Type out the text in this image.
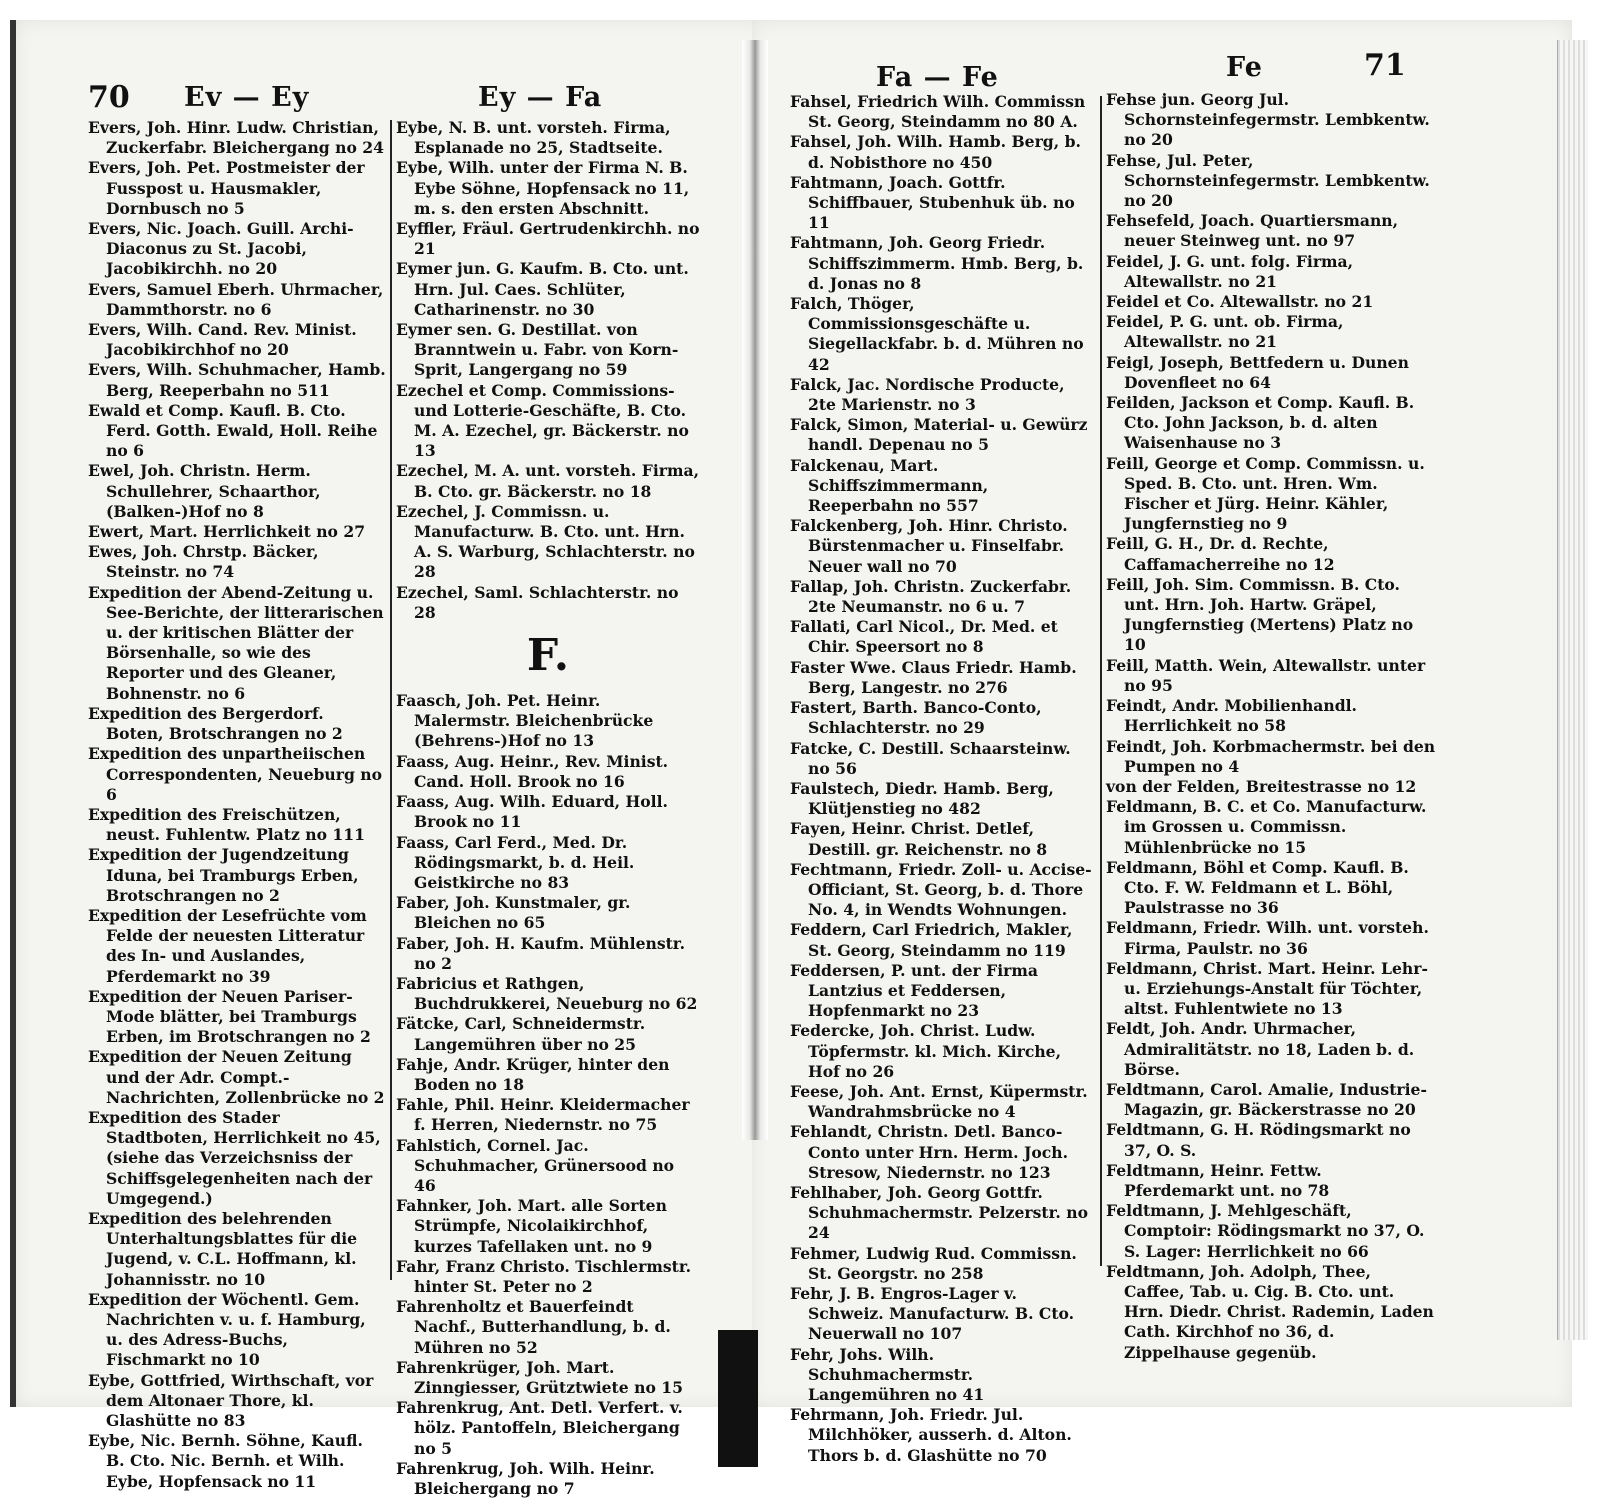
70 Ev — Ey	Ey — Fa
Fa — Fe	Fe	71
Evers, Joh. Hinr. Ludw. Christian, Zuckerfabr. Bleichergang no 24
Evers, Joh. Pet. Postmeister der Fusspost u. Hausmakler, Dornbusch no 5
Evers, Nic. Joach. Guill. Archi-Diaconus zu St. Jacobi, Jacobikirchh. no 20
Evers, Samuel Eberh. Uhrmacher, Dammthorstr. no 6
Evers, Wilh. Cand. Rev. Minist. Jacobikirchhof no 20
Evers, Wilh. Schuhmacher, Hamb. Berg, Reeperbahn no 511
Ewald et Comp. Kaufl. B. Cto. Ferd. Gotth. Ewald, Holl. Reihe no 6
Ewel, Joh. Christn. Herm. Schullehrer, Schaarthor, (Balken-)Hof no 8
Ewert, Mart. Herrlichkeit no 27
Ewes, Joh. Chrstp. Bäcker, Steinstr. no 74
Expedition der Abend-Zeitung u. See-Berichte, der litterarischen u. der kritischen Blätter der Börsenhalle, so wie des Reporter und des Gleaner, Bohnenstr. no 6
Expedition des Bergerdorf. Boten, Brotschrangen no 2
Expedition des unpartheiischen Correspondenten, Neueburg no 6
Expedition des Freischützen, neust. Fuhlentw. Platz no 111
Expedition der Jugendzeitung Iduna, bei Tramburgs Erben, Brotschrangen no 2
Expedition der Lesefrüchte vom Felde der neuesten Litteratur des In- und Auslandes, Pferdemarkt no 39
Expedition der Neuen Pariser-Mode blätter, bei Tramburgs Erben, im Brotschrangen no 2
Expedition der Neuen Zeitung und der Adr. Compt.-Nachrichten, Zollenbrücke no 2
Expedition des Stader Stadtboten, Herrlichkeit no 45, (siehe das Verzeichsniss der Schiffsgelegenheiten nach der Umgegend.)
Expedition des belehrenden Unterhaltungsblattes für die Jugend, v. C.L. Hoffmann, kl. Johannisstr. no 10
Expedition der Wöchentl. Gem. Nachrichten v. u. f. Hamburg, u. des Adress-Buchs, Fischmarkt no 10
Eybe, Gottfried, Wirthschaft, vor dem Altonaer Thore, kl. Glashütte no 83
Eybe, Nic. Bernh. Söhne, Kaufl. B. Cto. Nic. Bernh. et Wilh. Eybe, Hopfensack no 11
Eybe, N. B. unt. vorsteh. Firma, Esplanade no 25, Stadtseite.
Eybe, Wilh. unter der Firma N. B. Eybe Söhne, Hopfensack no 11, m. s. den ersten Abschnitt.
Eyffler, Fräul. Gertrudenkirchh. no 21
Eymer jun. G. Kaufm. B. Cto. unt. Hrn. Jul. Caes. Schlüter, Catharinenstr. no 30
Eymer sen. G. Destillat. von Branntwein u. Fabr. von Korn-Sprit, Langergang no 59
Ezechel et Comp. Commissions- und Lotterie-Geschäfte, B. Cto. M. A. Ezechel, gr. Bäckerstr. no 13
Ezechel, M. A. unt. vorsteh. Firma, B. Cto. gr. Bäckerstr. no 18
Ezechel, J. Commissn. u. Manufacturw. B. Cto. unt. Hrn. A. S. Warburg, Schlachterstr. no 28
Ezechel, Saml. Schlachterstr. no 28
F.
Faasch, Joh. Pet. Heinr. Malermstr. Bleichenbrücke (Behrens-)Hof no 13
Faass, Aug. Heinr., Rev. Minist. Cand. Holl. Brook no 16
Faass, Aug. Wilh. Eduard, Holl. Brook no 11
Faass, Carl Ferd., Med. Dr. Rödingsmarkt, b. d. Heil. Geistkirche no 83
Faber, Joh. Kunstmaler, gr. Bleichen no 65
Faber, Joh. H. Kaufm. Mühlenstr. no 2
Fabricius et Rathgen, Buchdrukkerei, Neueburg no 62
Fätcke, Carl, Schneidermstr. Langemühren über no 25
Fahje, Andr. Krüger, hinter den Boden no 18
Fahle, Phil. Heinr. Kleidermacher f. Herren, Niedernstr. no 75
Fahlstich, Cornel. Jac. Schuhmacher, Grünersood no 46
Fahnker, Joh. Mart. alle Sorten Strümpfe, Nicolaikirchhof, kurzes Tafellaken unt. no 9
Fahr, Franz Christo. Tischlermstr. hinter St. Peter no 2
Fahrenholtz et Bauerfeindt Nachf., Butterhandlung, b. d. Mühren no 52
Fahrenkrüger, Joh. Mart. Zinngiesser, Grütztwiete no 15
Fahrenkrug, Ant. Detl. Verfert. v. hölz. Pantoffeln, Bleichergang no 5
Fahrenkrug, Joh. Wilh. Heinr. Bleichergang no 7
Fahsel, Friedrich Wilh. Commissn St. Georg, Steindamm no 80 A.
Fahsel, Joh. Wilh. Hamb. Berg, b. d. Nobisthore no 450
Fahtmann, Joach. Gottfr. Schiffbauer, Stubenhuk üb. no 11
Fahtmann, Joh. Georg Friedr. Schiffszimmerm. Hmb. Berg, b. d. Jonas no 8
Falch, Thöger, Commissionsgeschäfte u. Siegellackfabr. b. d. Mühren no 42
Falck, Jac. Nordische Producte, 2te Marienstr. no 3
Falck, Simon, Material- u. Gewürz handl. Depenau no 5
Falckenau, Mart. Schiffszimmermann, Reeperbahn no 557
Falckenberg, Joh. Hinr. Christo. Bürstenmacher u. Finselfabr. Neuer wall no 70
Fallap, Joh. Christn. Zuckerfabr. 2te Neumanstr. no 6 u. 7
Fallati, Carl Nicol., Dr. Med. et Chir. Speersort no 8
Faster Wwe. Claus Friedr. Hamb. Berg, Langestr. no 276
Fastert, Barth. Banco-Conto, Schlachterstr. no 29
Fatcke, C. Destill. Schaarsteinw. no 56
Faulstech, Diedr. Hamb. Berg, Klütjenstieg no 482
Fayen, Heinr. Christ. Detlef, Destill. gr. Reichenstr. no 8
Fechtmann, Friedr. Zoll- u. Accise-Officiant, St. Georg, b. d. Thore No. 4, in Wendts Wohnungen.
Feddern, Carl Friedrich, Makler, St. Georg, Steindamm no 119
Feddersen, P. unt. der Firma Lantzius et Feddersen, Hopfenmarkt no 23
Federcke, Joh. Christ. Ludw. Töpfermstr. kl. Mich. Kirche, Hof no 26
Feese, Joh. Ant. Ernst, Küpermstr. Wandrahmsbrücke no 4
Fehlandt, Christn. Detl. Banco-Conto unter Hrn. Herm. Joch. Stresow, Niedernstr. no 123
Fehlhaber, Joh. Georg Gottfr. Schuhmachermstr. Pelzerstr. no 24
Fehmer, Ludwig Rud. Commissn. St. Georgstr. no 258
Fehr, J. B. Engros-Lager v. Schweiz. Manufacturw. B. Cto. Neuerwall no 107
Fehr, Johs. Wilh. Schuhmachermstr. Langemühren no 41
Fehrmann, Joh. Friedr. Jul. Milchhöker, ausserh. d. Alton. Thors b. d. Glashütte no 70
Fehse jun. Georg Jul. Schornsteinfegermstr. Lembkentw. no 20
Fehse, Jul. Peter, Schornsteinfegermstr. Lembkentw. no 20
Fehsefeld, Joach. Quartiersmann, neuer Steinweg unt. no 97
Feidel, J. G. unt. folg. Firma, Altewallstr. no 21
Feidel et Co. Altewallstr. no 21
Feidel, P. G. unt. ob. Firma, Altewallstr. no 21
Feigl, Joseph, Bettfedern u. Dunen Dovenfleet no 64
Feilden, Jackson et Comp. Kaufl. B. Cto. John Jackson, b. d. alten Waisenhause no 3
Feill, George et Comp. Commissn. u. Sped. B. Cto. unt. Hren. Wm. Fischer et Jürg. Heinr. Kähler, Jungfernstieg no 9
Feill, G. H., Dr. d. Rechte, Caffamacherreihe no 12
Feill, Joh. Sim. Commissn. B. Cto. unt. Hrn. Joh. Hartw. Gräpel, Jungfernstieg (Mertens) Platz no 10
Feill, Matth. Wein, Altewallstr. unter no 95
Feindt, Andr. Mobilienhandl. Herrlichkeit no 58
Feindt, Joh. Korbmachermstr. bei den Pumpen no 4
von der Felden, Breitestrasse no 12
Feldmann, B. C. et Co. Manufacturw. im Grossen u. Commissn. Mühlenbrücke no 15
Feldmann, Böhl et Comp. Kaufl. B. Cto. F. W. Feldmann et L. Böhl, Paulstrasse no 36
Feldmann, Friedr. Wilh. unt. vorsteh. Firma, Paulstr. no 36
Feldmann, Christ. Mart. Heinr. Lehr- u. Erziehungs-Anstalt für Töchter, altst. Fuhlentwiete no 13
Feldt, Joh. Andr. Uhrmacher, Admiralitätstr. no 18, Laden b. d. Börse.
Feldtmann, Carol. Amalie, Industrie-Magazin, gr. Bäckerstrasse no 20
Feldtmann, G. H. Rödingsmarkt no 37, O. S.
Feldtmann, Heinr. Fettw. Pferdemarkt unt. no 78
Feldtmann, J. Mehlgeschäft, Comptoir: Rödingsmarkt no 37, O. S. Lager: Herrlichkeit no 66
Feldtmann, Joh. Adolph, Thee, Caffee, Tab. u. Cig. B. Cto. unt. Hrn. Diedr. Christ. Rademin, Laden Cath. Kirchhof no 36, d. Zippelhause gegenüb.
